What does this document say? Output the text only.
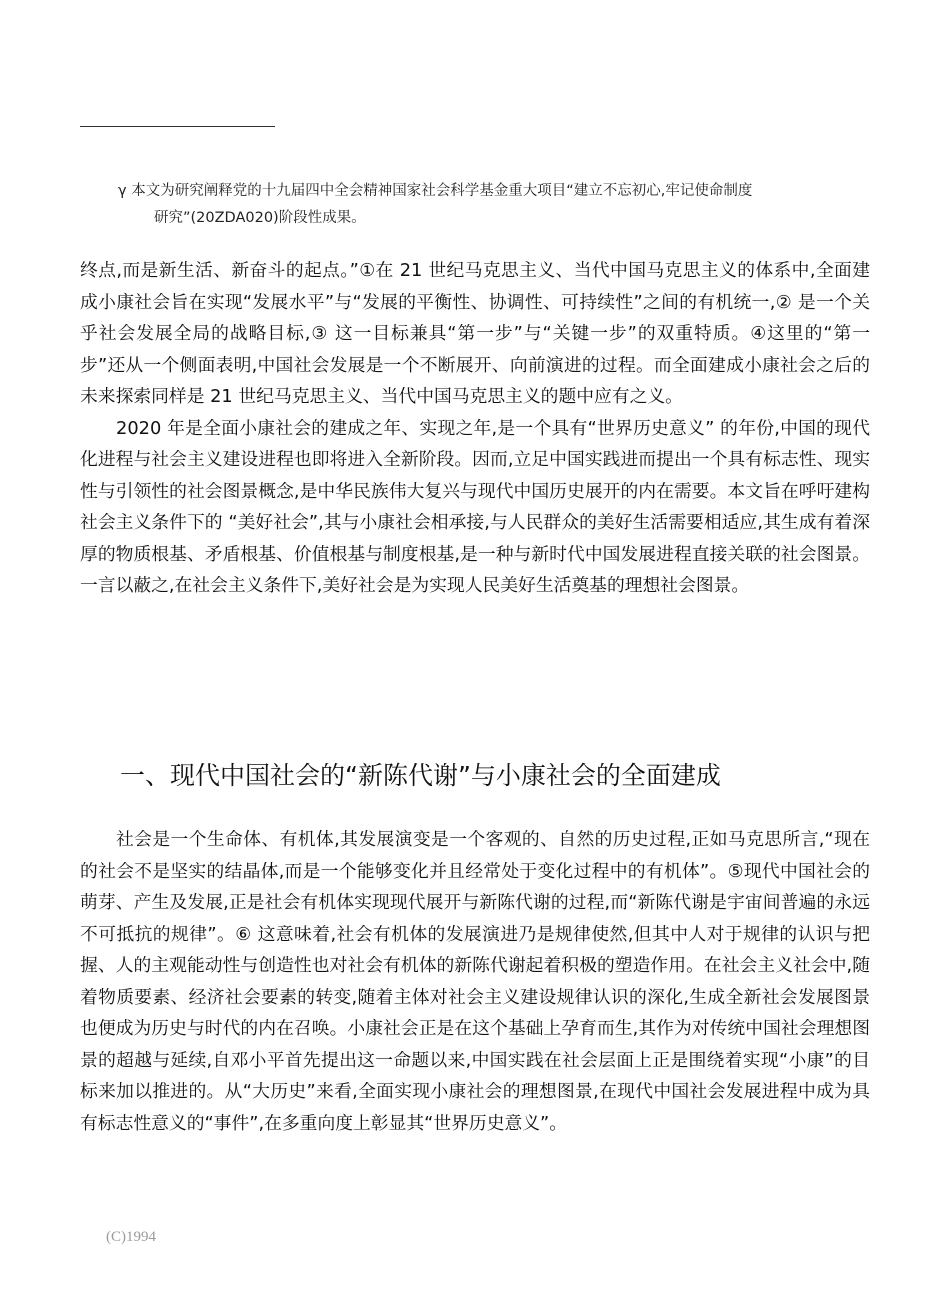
γ 本文为研究阐释党的十九届四中全会精神国家社会科学基金重大项目“建立不忘初心,牢记使命制度
研究”(20ZDA020)阶段性成果。

终点,而是新生活、新奋斗的起点。”①在 21 世纪马克思主义、当代中国马克思主义的体系中,全面建成小康社会旨在实现“发展水平”与“发展的平衡性、协调性、可持续性”之间的有机统一,② 是一个关乎社会发展全局的战略目标,③ 这一目标兼具“第一步”与“关键一步”的双重特质。④这里的“第一步”还从一个侧面表明,中国社会发展是一个不断展开、向前演进的过程。而全面建成小康社会之后的未来探索同样是 21 世纪马克思主义、当代中国马克思主义的题中应有之义。

2020 年是全面小康社会的建成之年、实现之年,是一个具有“世界历史意义” 的年份,中国的现代化进程与社会主义建设进程也即将进入全新阶段。因而,立足中国实践进而提出一个具有标志性、现实性与引领性的社会图景概念,是中华民族伟大复兴与现代中国历史展开的内在需要。本文旨在呼吁建构社会主义条件下的 “美好社会”,其与小康社会相承接,与人民群众的美好生活需要相适应,其生成有着深厚的物质根基、矛盾根基、价值根基与制度根基,是一种与新时代中国发展进程直接关联的社会图景。一言以蔽之,在社会主义条件下,美好社会是为实现人民美好生活奠基的理想社会图景。

一、现代中国社会的“新陈代谢”与小康社会的全面建成

社会是一个生命体、有机体,其发展演变是一个客观的、自然的历史过程,正如马克思所言,“现在的社会不是坚实的结晶体,而是一个能够变化并且经常处于变化过程中的有机体”。⑤现代中国社会的萌芽、产生及发展,正是社会有机体实现现代展开与新陈代谢的过程,而“新陈代谢是宇宙间普遍的永远不可抵抗的规律”。⑥ 这意味着,社会有机体的发展演进乃是规律使然,但其中人对于规律的认识与把握、人的主观能动性与创造性也对社会有机体的新陈代谢起着积极的塑造作用。在社会主义社会中,随着物质要素、经济社会要素的转变,随着主体对社会主义建设规律认识的深化,生成全新社会发展图景也便成为历史与时代的内在召唤。小康社会正是在这个基础上孕育而生,其作为对传统中国社会理想图景的超越与延续,自邓小平首先提出这一命题以来,中国实践在社会层面上正是围绕着实现“小康”的目标来加以推进的。从“大历史”来看,全面实现小康社会的理想图景,在现代中国社会发展进程中成为具有标志性意义的“事件”,在多重向度上彰显其“世界历史意义”。

(C)1994
